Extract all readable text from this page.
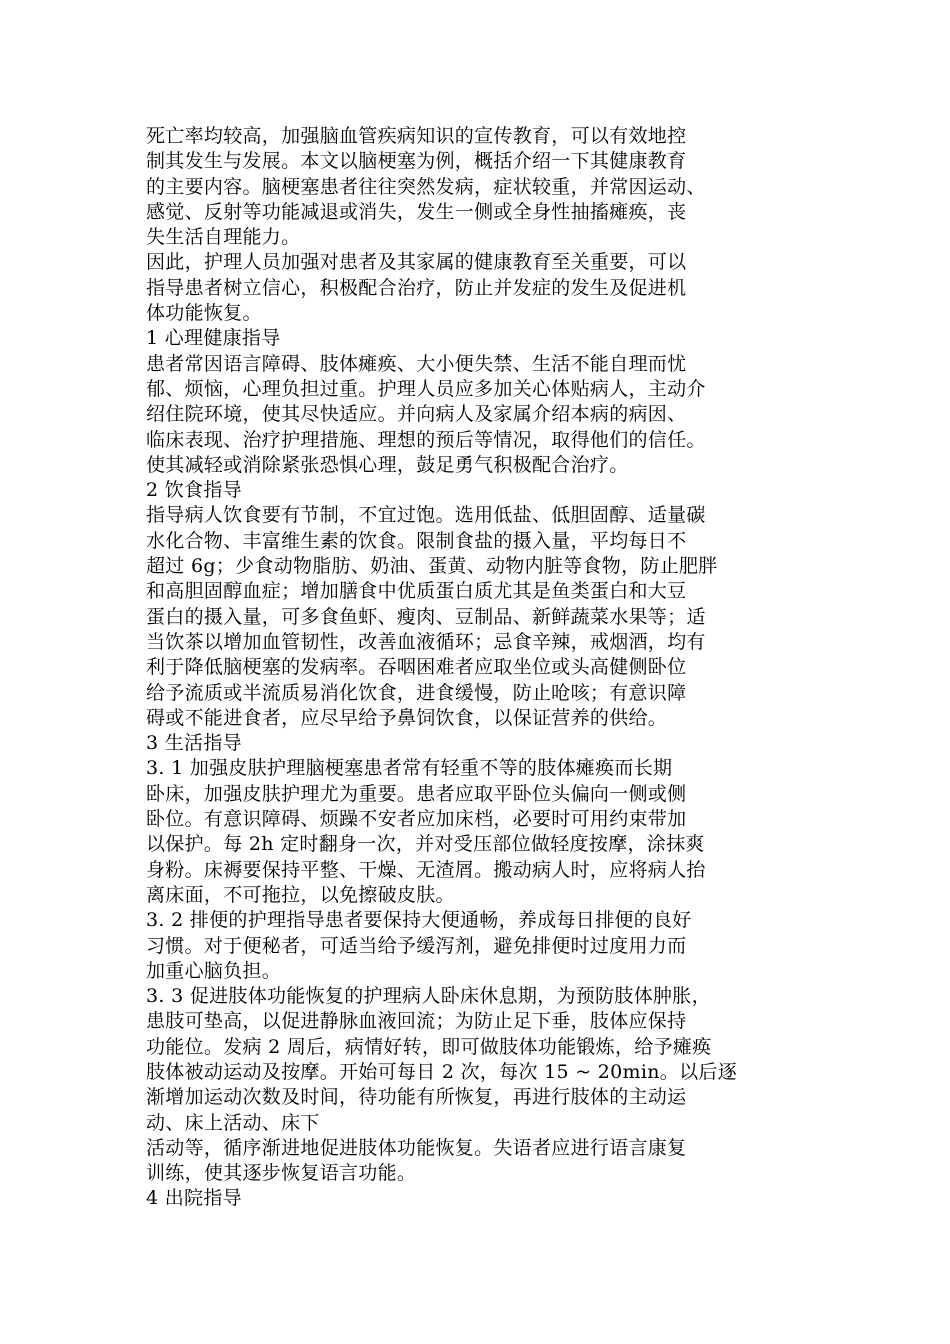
死亡率均较高，加强脑血管疾病知识的宣传教育，可以有效地控
制其发生与发展。本文以脑梗塞为例，概括介绍一下其健康教育
的主要内容。脑梗塞患者往往突然发病，症状较重，并常因运动、
感觉、反射等功能减退或消失，发生一侧或全身性抽搐瘫痪，丧
失生活自理能力。
因此，护理人员加强对患者及其家属的健康教育至关重要，可以
指导患者树立信心，积极配合治疗，防止并发症的发生及促进机
体功能恢复。
1 心理健康指导
患者常因语言障碍、肢体瘫痪、大小便失禁、生活不能自理而忧
郁、烦恼，心理负担过重。护理人员应多加关心体贴病人，主动介
绍住院环境，使其尽快适应。并向病人及家属介绍本病的病因、
临床表现、治疗护理措施、理想的预后等情况，取得他们的信任。
使其减轻或消除紧张恐惧心理，鼓足勇气积极配合治疗。
2 饮食指导
指导病人饮食要有节制，不宜过饱。选用低盐、低胆固醇、适量碳
水化合物、丰富维生素的饮食。限制食盐的摄入量，平均每日不
超过 6g；少食动物脂肪、奶油、蛋黄、动物内脏等食物，防止肥胖
和高胆固醇血症；增加膳食中优质蛋白质尤其是鱼类蛋白和大豆
蛋白的摄入量，可多食鱼虾、瘦肉、豆制品、新鲜蔬菜水果等；适
当饮茶以增加血管韧性，改善血液循环；忌食辛辣，戒烟酒，均有
利于降低脑梗塞的发病率。吞咽困难者应取坐位或头高健侧卧位
给予流质或半流质易消化饮食，进食缓慢，防止呛咳；有意识障
碍或不能进食者，应尽早给予鼻饲饮食，以保证营养的供给。
3 生活指导
3. 1 加强皮肤护理脑梗塞患者常有轻重不等的肢体瘫痪而长期
卧床，加强皮肤护理尤为重要。患者应取平卧位头偏向一侧或侧
卧位。有意识障碍、烦躁不安者应加床档，必要时可用约束带加
以保护。每 2h 定时翻身一次，并对受压部位做轻度按摩，涂抹爽
身粉。床褥要保持平整、干燥、无渣屑。搬动病人时，应将病人抬
离床面，不可拖拉，以免擦破皮肤。
3. 2 排便的护理指导患者要保持大便通畅，养成每日排便的良好
习惯。对于便秘者，可适当给予缓泻剂，避免排便时过度用力而
加重心脑负担。
3. 3 促进肢体功能恢复的护理病人卧床休息期，为预防肢体肿胀，
患肢可垫高，以促进静脉血液回流；为防止足下垂，肢体应保持
功能位。发病 2 周后，病情好转，即可做肢体功能锻炼，给予瘫痪
肢体被动运动及按摩。开始可每日 2 次，每次 15 ~ 20min。以后逐
渐增加运动次数及时间，待功能有所恢复，再进行肢体的主动运
动、床上活动、床下
活动等，循序渐进地促进肢体功能恢复。失语者应进行语言康复
训练，使其逐步恢复语言功能。
4 出院指导
